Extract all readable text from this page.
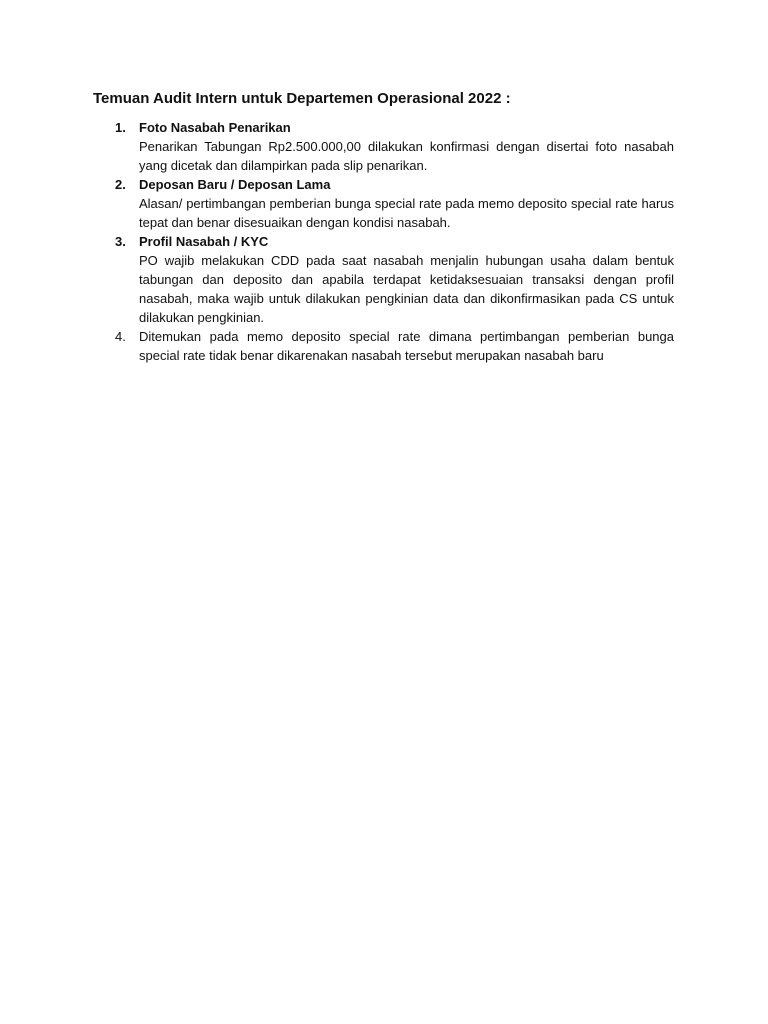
Temuan Audit Intern untuk Departemen Operasional 2022 :
1. Foto Nasabah Penarikan
Penarikan Tabungan Rp2.500.000,00 dilakukan konfirmasi dengan disertai foto nasabah yang dicetak dan dilampirkan pada slip penarikan.
2. Deposan Baru / Deposan Lama
Alasan/ pertimbangan pemberian bunga special rate pada memo deposito special rate harus tepat dan benar disesuaikan dengan kondisi nasabah.
3. Profil Nasabah / KYC
PO wajib melakukan CDD pada saat nasabah menjalin hubungan usaha dalam bentuk tabungan dan deposito dan apabila terdapat ketidaksesuaian transaksi dengan profil nasabah, maka wajib untuk dilakukan pengkinian data dan dikonfirmasikan pada CS untuk dilakukan pengkinian.
4. Ditemukan pada memo deposito special rate dimana pertimbangan pemberian bunga special rate tidak benar dikarenakan nasabah tersebut merupakan nasabah baru
